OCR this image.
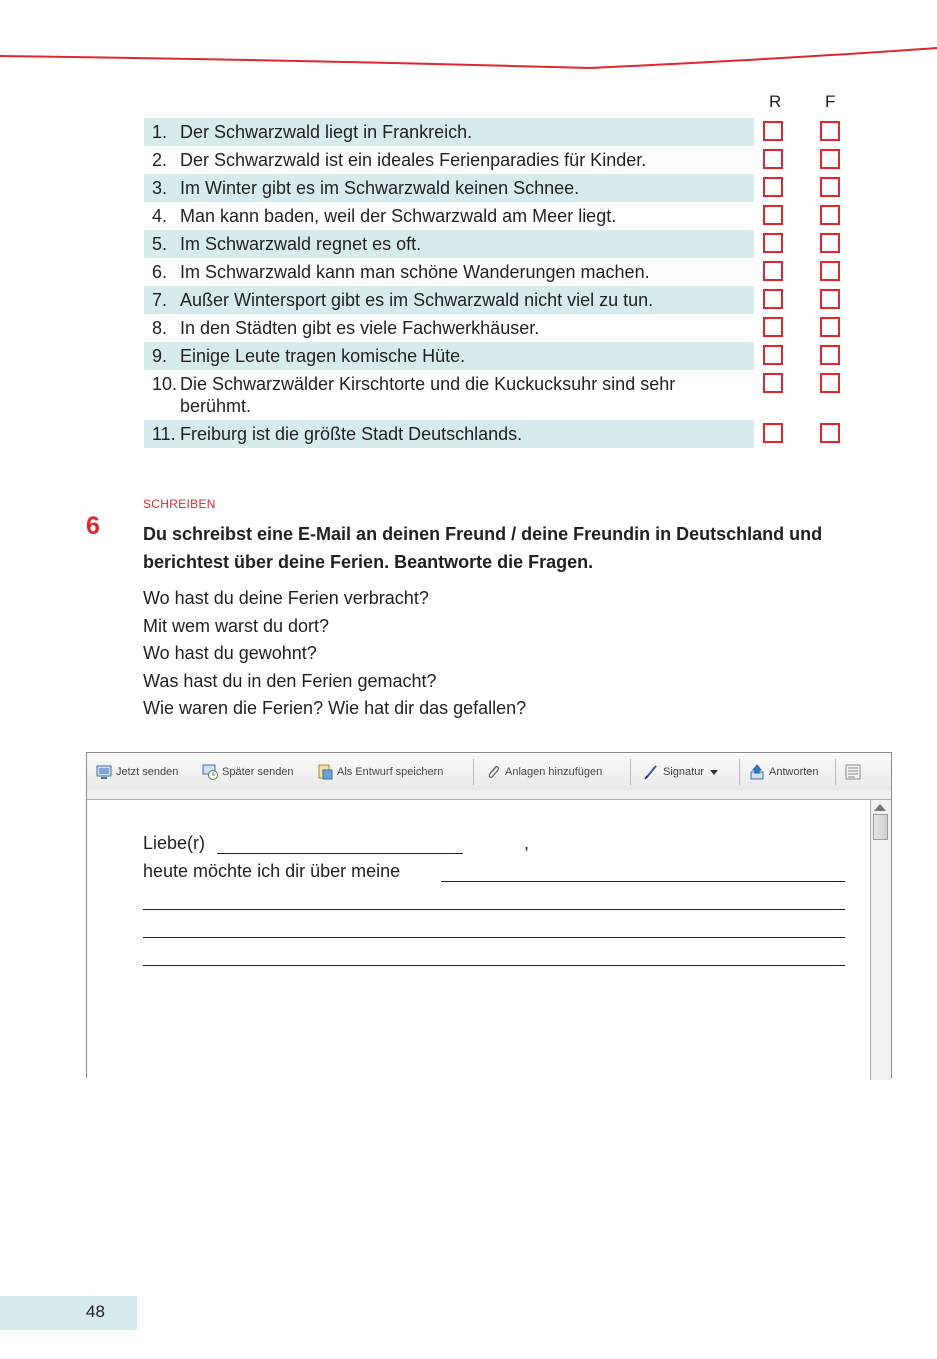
R	F
1. Der Schwarzwald liegt in Frankreich.
2. Der Schwarzwald ist ein ideales Ferienparadies für Kinder.
3. Im Winter gibt es im Schwarzwald keinen Schnee.
4. Man kann baden, weil der Schwarzwald am Meer liegt.
5. Im Schwarzwald regnet es oft.
6. Im Schwarzwald kann man schöne Wanderungen machen.
7. Außer Wintersport gibt es im Schwarzwald nicht viel zu tun.
8. In den Städten gibt es viele Fachwerkhäuser.
9. Einige Leute tragen komische Hüte.
10. Die Schwarzwälder Kirschtorte und die Kuckucksuhr sind sehr
berühmt.
11. Freiburg ist die größte Stadt Deutschlands.
SCHREIBEN
6 Du schreibst eine E-Mail an deinen Freund / deine Freundin in Deutschland und berichtest über deine Ferien. Beantworte die Fragen.
Wo hast du deine Ferien verbracht?
Mit wem warst du dort?
Wo hast du gewohnt?
Was hast du in den Ferien gemacht?
Wie waren die Ferien? Wie hat dir das gefallen?
Jetzt senden	Später senden	Als Entwurf speichern	Anlagen hinzufügen	Signatur	Antworten
Liebe(r)
heute möchte ich dir über meine
,
48
